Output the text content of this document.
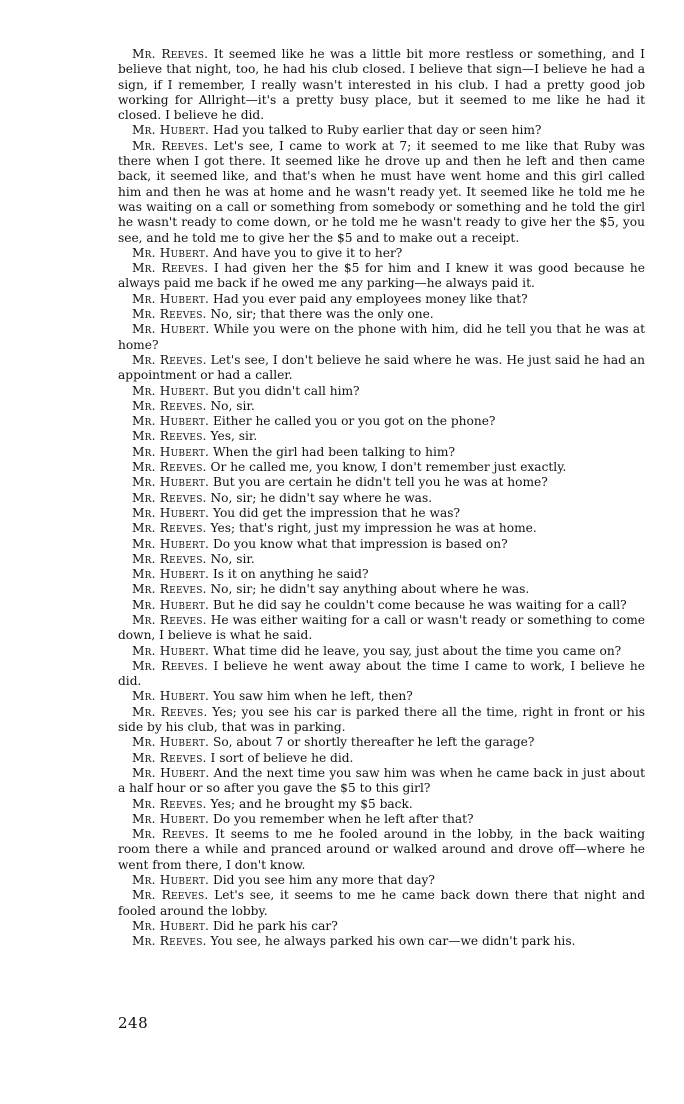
Mr. Reeves. It seemed like he was a little bit more restless or something, and I believe that night, too, he had his club closed. I believe that sign—I believe he had a sign, if I remember, I really wasn't interested in his club. I had a pretty good job working for Allright—it's a pretty busy place, but it seemed to me like he had it closed. I believe he did.

Mr. Hubert. Had you talked to Ruby earlier that day or seen him?

Mr. Reeves. Let's see, I came to work at 7; it seemed to me like that Ruby was there when I got there. It seemed like he drove up and then he left and then came back, it seemed like, and that's when he must have went home and this girl called him and then he was at home and he wasn't ready yet. It seemed like he told me he was waiting on a call or something from somebody or something and he told the girl he wasn't ready to come down, or he told me he wasn't ready to give her the $5, you see, and he told me to give her the $5 and to make out a receipt.

Mr. Hubert. And have you to give it to her?

Mr. Reeves. I had given her the $5 for him and I knew it was good because he always paid me back if he owed me any parking—he always paid it.

Mr. Hubert. Had you ever paid any employees money like that?

Mr. Reeves. No, sir; that there was the only one.

Mr. Hubert. While you were on the phone with him, did he tell you that he was at home?

Mr. Reeves. Let's see, I don't believe he said where he was. He just said he had an appointment or had a caller.

Mr. Hubert. But you didn't call him?

Mr. Reeves. No, sir.

Mr. Hubert. Either he called you or you got on the phone?

Mr. Reeves. Yes, sir.

Mr. Hubert. When the girl had been talking to him?

Mr. Reeves. Or he called me, you know, I don't remember just exactly.

Mr. Hubert. But you are certain he didn't tell you he was at home?

Mr. Reeves. No, sir; he didn't say where he was.

Mr. Hubert. You did get the impression that he was?

Mr. Reeves. Yes; that's right, just my impression he was at home.

Mr. Hubert. Do you know what that impression is based on?

Mr. Reeves. No, sir.

Mr. Hubert. Is it on anything he said?

Mr. Reeves. No, sir; he didn't say anything about where he was.

Mr. Hubert. But he did say he couldn't come because he was waiting for a call?

Mr. Reeves. He was either waiting for a call or wasn't ready or something to come down, I believe is what he said.

Mr. Hubert. What time did he leave, you say, just about the time you came on?

Mr. Reeves. I believe he went away about the time I came to work, I believe he did.

Mr. Hubert. You saw him when he left, then?

Mr. Reeves. Yes; you see his car is parked there all the time, right in front or his side by his club, that was in parking.

Mr. Hubert. So, about 7 or shortly thereafter he left the garage?

Mr. Reeves. I sort of believe he did.

Mr. Hubert. And the next time you saw him was when he came back in just about a half hour or so after you gave the $5 to this girl?

Mr. Reeves. Yes; and he brought my $5 back.

Mr. Hubert. Do you remember when he left after that?

Mr. Reeves. It seems to me he fooled around in the lobby, in the back waiting room there a while and pranced around or walked around and drove off—where he went from there, I don't know.

Mr. Hubert. Did you see him any more that day?

Mr. Reeves. Let's see, it seems to me he came back down there that night and fooled around the lobby.

Mr. Hubert. Did he park his car?

Mr. Reeves. You see, he always parked his own car—we didn't park his.

248
